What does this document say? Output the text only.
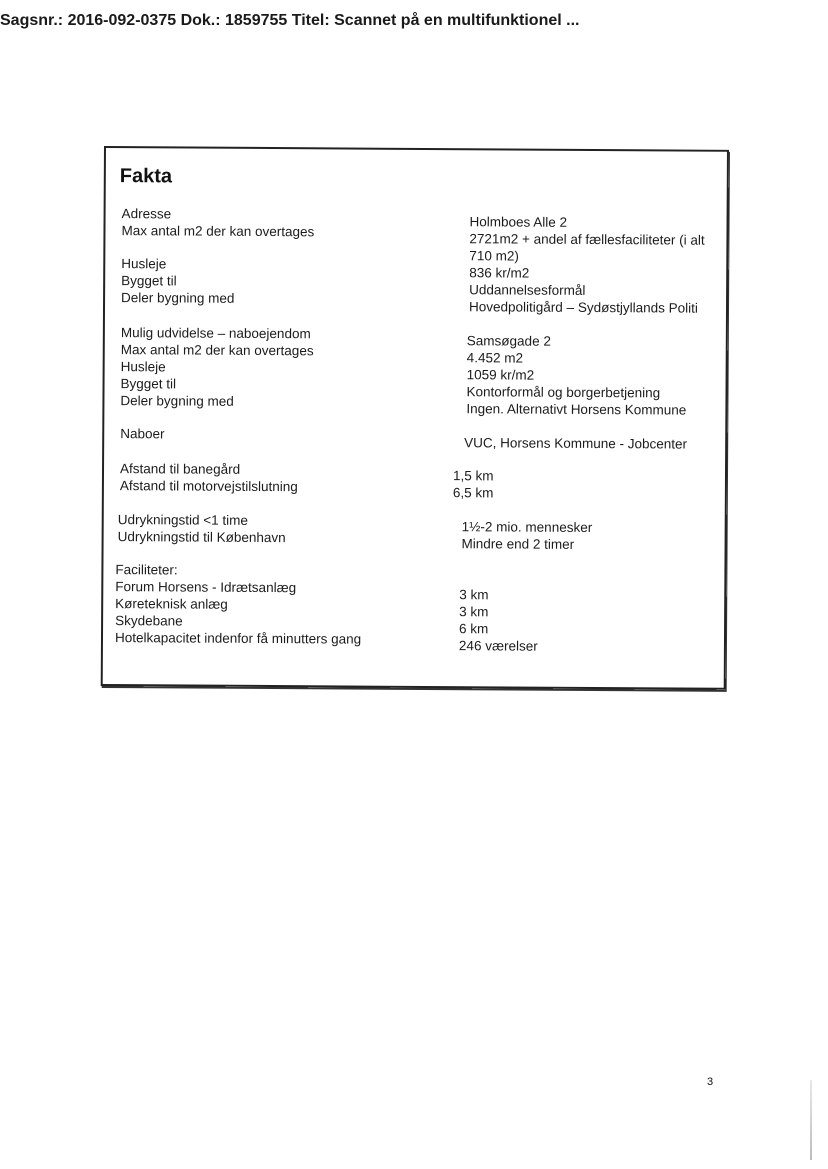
Sagsnr.: 2016-092-0375 Dok.: 1859755 Titel: Scannet på en multifunktionel ...
Fakta
Adresse
Max antal m2 der kan overtages
Husleje
Bygget til
Deler bygning med
Mulig udvidelse – naboejendom
Max antal m2 der kan overtages
Husleje
Bygget til
Deler bygning med
Naboer
Afstand til banegård
Afstand til motorvejstilslutning
Udrykningstid <1 time
Udrykningstid til København
Faciliteter:
Forum Horsens - Idrætsanlæg
Køreteknisk anlæg
Skydebane
Hotelkapacitet indenfor få minutters gang
Holmboes Alle 2
2721m2 + andel af fællesfaciliteter (i alt
710 m2)
836 kr/m2
Uddannelsesformål
Hovedpolitigård – Sydøstjyllands Politi
Samsøgade 2
4.452 m2
1059 kr/m2
Kontorformål og borgerbetjening
Ingen. Alternativt Horsens Kommune
VUC, Horsens Kommune - Jobcenter
1,5 km
6,5 km
1½-2 mio. mennesker
Mindre end 2 timer
3 km
3 km
6 km
246 værelser
3
